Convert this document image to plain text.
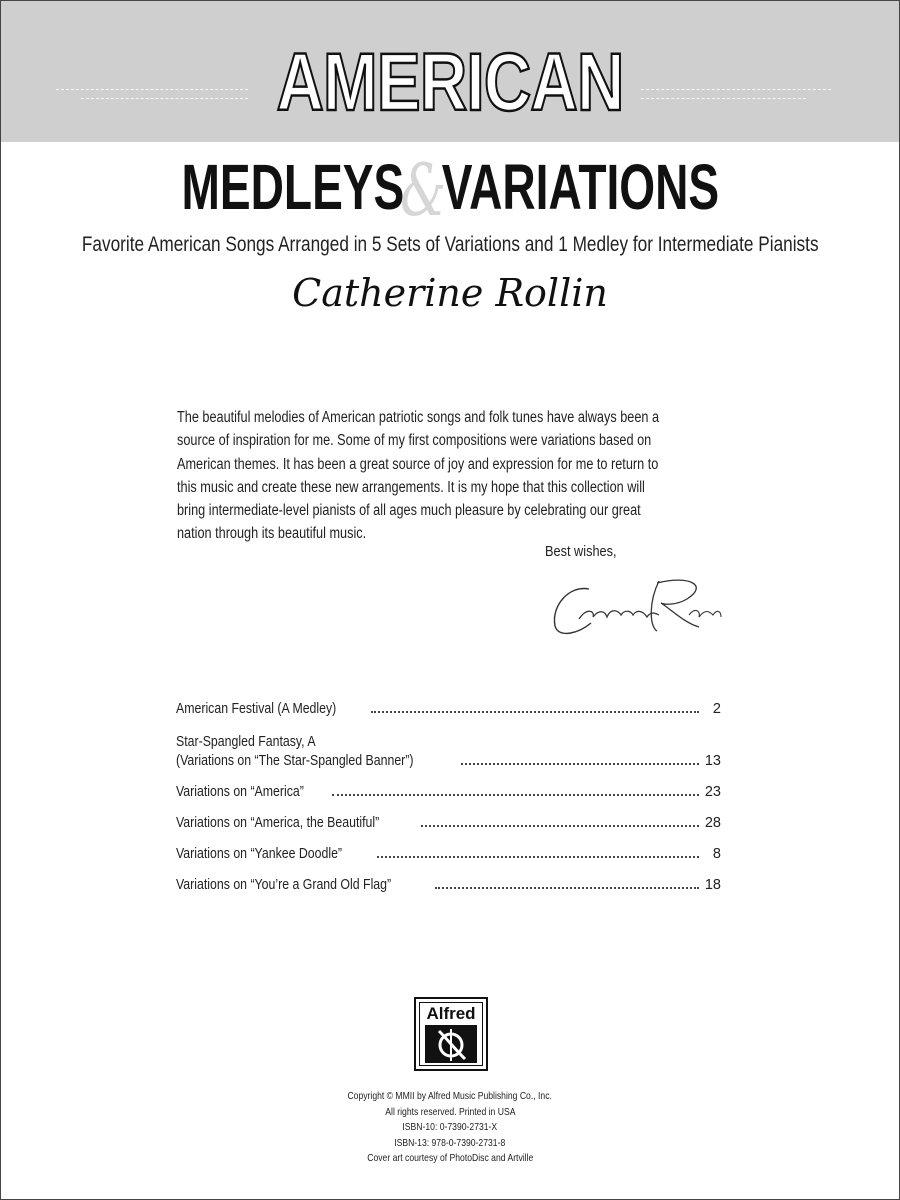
AMERICAN
MEDLEYS&VARIATIONS
Favorite American Songs Arranged in 5 Sets of Variations and 1 Medley for Intermediate Pianists
Catherine Rollin
The beautiful melodies of American patriotic songs and folk tunes have always been a
source of inspiration for me. Some of my first compositions were variations based on
American themes. It has been a great source of joy and expression for me to return to
this music and create these new arrangements. It is my hope that this collection will
bring intermediate-level pianists of all ages much pleasure by celebrating our great
nation through its beautiful music.
Best wishes,
American Festival (A Medley)	2
Star-Spangled Fantasy, A
(Variations on “The Star-Spangled Banner”)	13
Variations on “America”	23
Variations on “America, the Beautiful”	28
Variations on “Yankee Doodle”	8
Variations on “You’re a Grand Old Flag”	18
Alfred
Copyright © MMII by Alfred Music Publishing Co., Inc.
All rights reserved. Printed in USA
ISBN-10: 0-7390-2731-X
ISBN-13: 978-0-7390-2731-8
Cover art courtesy of PhotoDisc and Artville
